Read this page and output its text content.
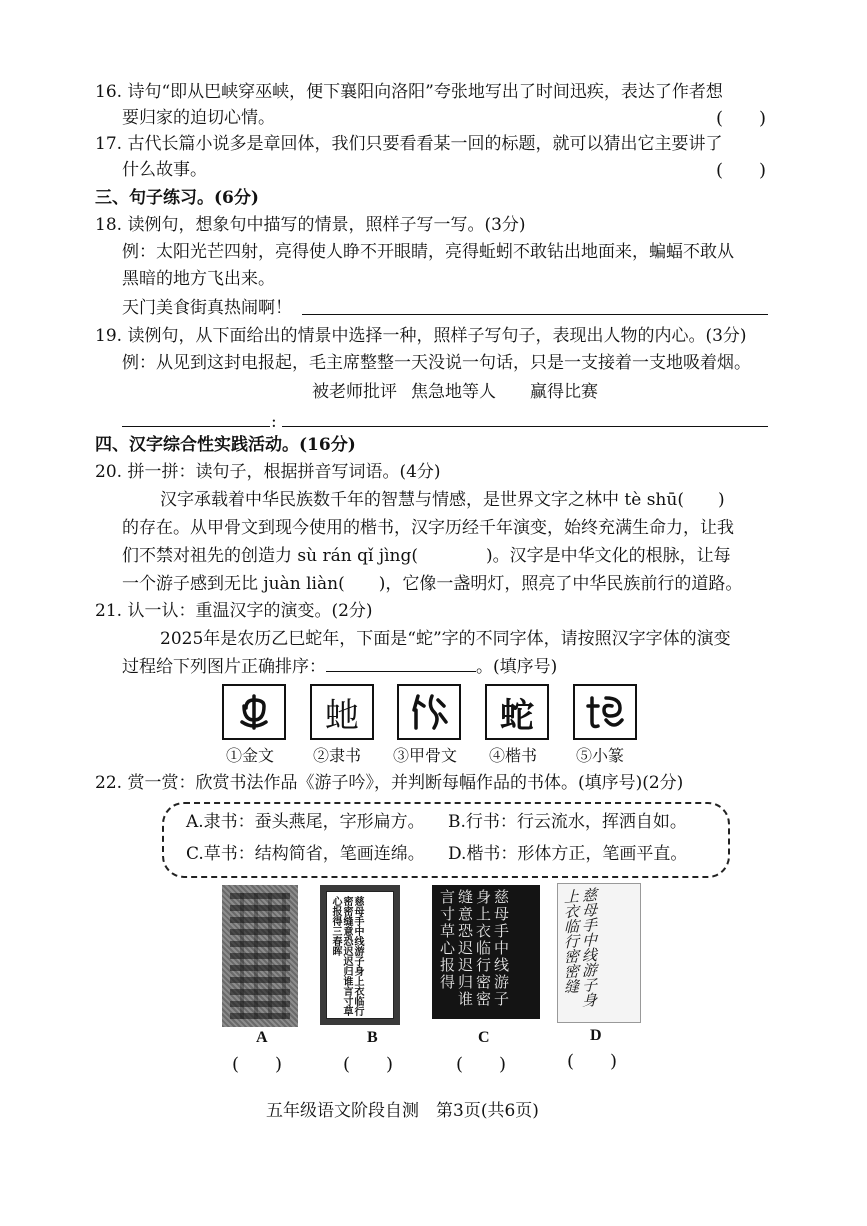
16. 诗句“即从巴峡穿巫峡，便下襄阳向洛阳”夸张地写出了时间迅疾，表达了作者想
要归家的迫切心情。	(　　)
17. 古代长篇小说多是章回体，我们只要看看某一回的标题，就可以猜出它主要讲了
什么故事。	(　　)
三、句子练习。(6分)
18. 读例句，想象句中描写的情景，照样子写一写。(3分)
例：太阳光芒四射，亮得使人睁不开眼睛，亮得蚯蚓不敢钻出地面来，蝙蝠不敢从
黑暗的地方飞出来。
天门美食街真热闹啊！
19. 读例句，从下面给出的情景中选择一种，照样子写句子，表现出人物的内心。(3分)
例：从见到这封电报起，毛主席整整一天没说一句话，只是一支接着一支地吸着烟。
被老师批评 焦急地等人 赢得比赛
:
四、汉字综合性实践活动。(16分)
20. 拼一拼：读句子，根据拼音写词语。(4分)
汉字承载着中华民族数千年的智慧与情感，是世界文字之林中 tè shū(　　)
的存在。从甲骨文到现今使用的楷书，汉字历经千年演变，始终充满生命力，让我
们不禁对祖先的创造力 sù rán qǐ jìng(　　　　)。汉字是中华文化的根脉，让每
一个游子感到无比 juàn liàn(　　)，它像一盏明灯，照亮了中华民族前行的道路。
21. 认一认：重温汉字的演变。(2分)
2025年是农历乙巳蛇年，下面是“蛇”字的不同字体，请按照汉字字体的演变
过程给下列图片正确排序：	。(填序号)
虵	蛇
①金文 ②隶书 ③甲骨文 ④楷书 ⑤小篆
22. 赏一赏：欣赏书法作品《游子吟》，并判断每幅作品的书体。(填序号)(2分)
A.隶书：蚕头燕尾，字形扁方。 B.行书：行云流水，挥洒自如。
C.草书：结构简省，笔画连绵。 D.楷书：形体方正，笔画平直。
A
(　　)
慈母手中线游子身上衣临行密密缝意恐迟迟归谁言寸草心报得三春晖
B
(　　)
慈母手中线游子身上衣临行密密缝意恐迟迟归谁言寸草心报得
C
(　　)
慈母手中线游子身上衣临行密密缝
D
(　　)
五年级语文阶段自测　第3页(共6页)
